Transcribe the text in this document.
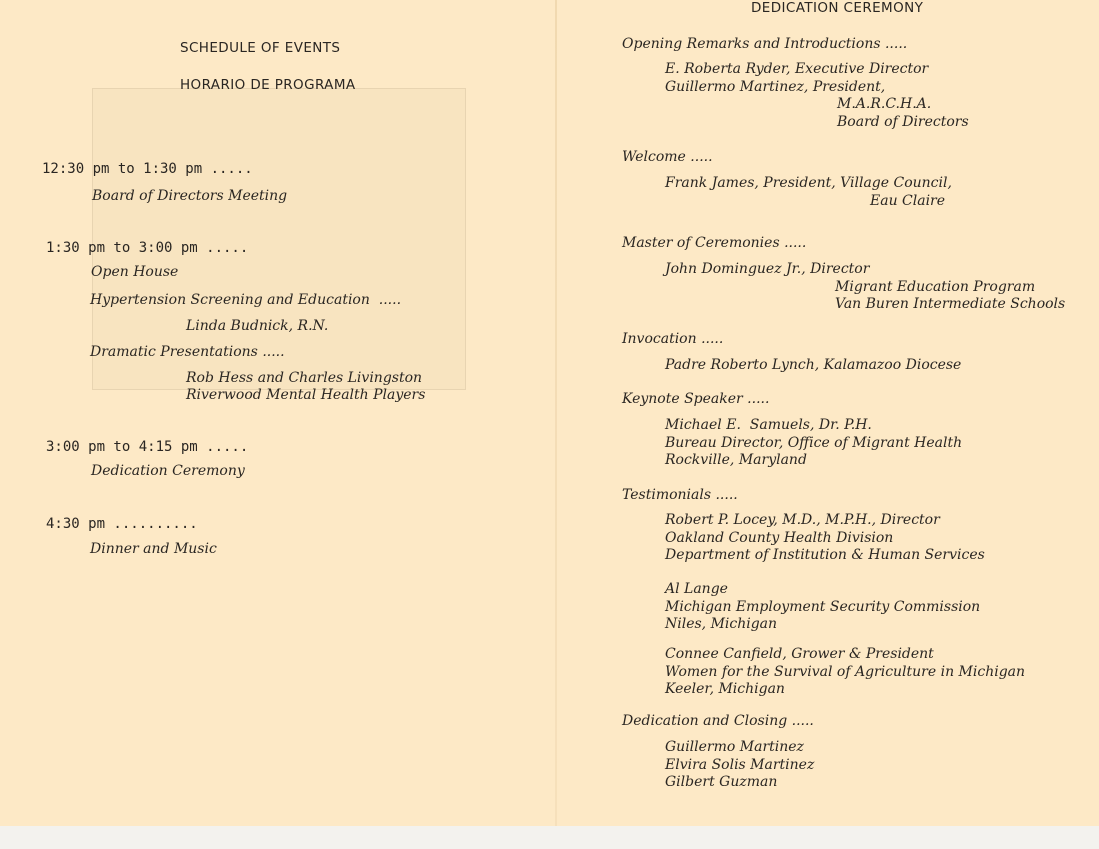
SCHEDULE OF EVENTS
HORARIO DE PROGRAMA
12:30 pm to 1:30 pm .....
Board of Directors Meeting
1:30 pm to 3:00 pm .....
Open House
Hypertension Screening and Education  .....
Linda Budnick, R.N.
Dramatic Presentations .....
Rob Hess and Charles Livingston
Riverwood Mental Health Players
3:00 pm to 4:15 pm .....
Dedication Ceremony
4:30 pm ..........
Dinner and Music
DEDICATION CEREMONY
Opening Remarks and Introductions .....
E. Roberta Ryder, Executive Director
Guillermo Martinez, President,
M.A.R.C.H.A.
Board of Directors
Welcome .....
Frank James, President, Village Council,
Eau Claire
Master of Ceremonies .....
John Dominguez Jr., Director
Migrant Education Program
Van Buren Intermediate Schools
Invocation .....
Padre Roberto Lynch, Kalamazoo Diocese
Keynote Speaker .....
Michael E.  Samuels, Dr. P.H.
Bureau Director, Office of Migrant Health
Rockville, Maryland
Testimonials .....
Robert P. Locey, M.D., M.P.H., Director
Oakland County Health Division
Department of Institution & Human Services
Al Lange
Michigan Employment Security Commission
Niles, Michigan
Connee Canfield, Grower & President
Women for the Survival of Agriculture in Michigan
Keeler, Michigan
Dedication and Closing .....
Guillermo Martinez
Elvira Solis Martinez
Gilbert Guzman
